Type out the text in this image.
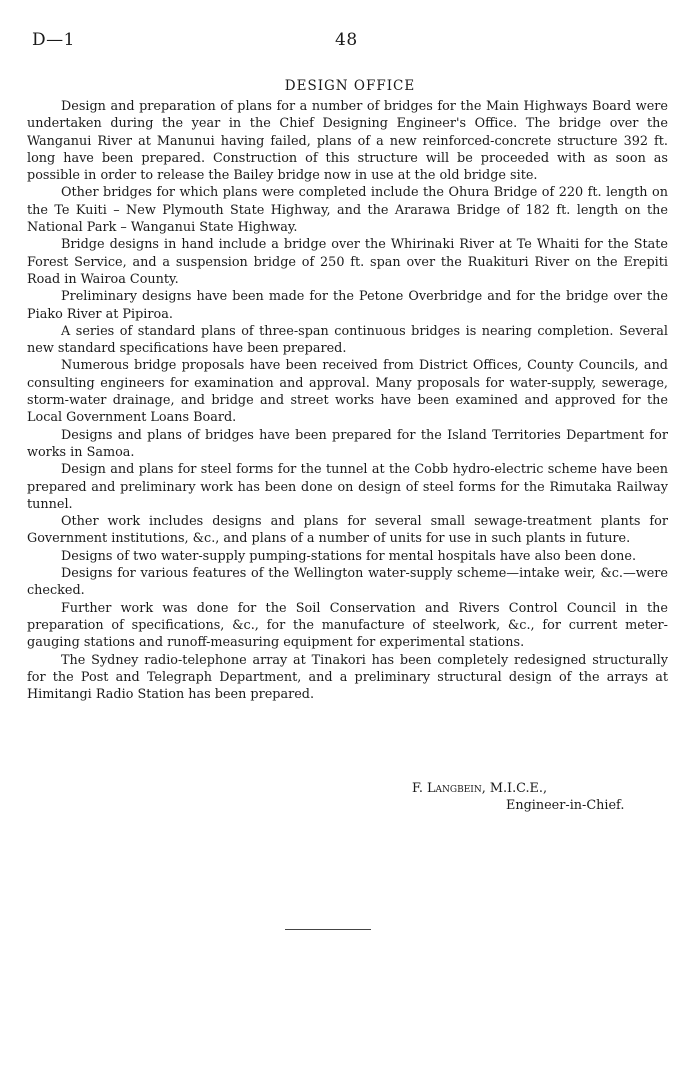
D—1	48
DESIGN OFFICE

Design and preparation of plans for a number of bridges for the Main Highways Board were undertaken during the year in the Chief Designing Engineer's Office. The bridge over the Wanganui River at Manunui having failed, plans of a new reinforced-concrete structure 392 ft. long have been prepared. Construction of this structure will be proceeded with as soon as possible in order to release the Bailey bridge now in use at the old bridge site.

Other bridges for which plans were completed include the Ohura Bridge of 220 ft. length on the Te Kuiti – New Plymouth State Highway, and the Ararawa Bridge of 182 ft. length on the National Park – Wanganui State Highway.

Bridge designs in hand include a bridge over the Whirinaki River at Te Whaiti for the State Forest Service, and a suspension bridge of 250 ft. span over the Ruakituri River on the Erepiti Road in Wairoa County.

Preliminary designs have been made for the Petone Overbridge and for the bridge over the Piako River at Pipiroa.

A series of standard plans of three-span continuous bridges is nearing completion. Several new standard specifications have been prepared.

Numerous bridge proposals have been received from District Offices, County Councils, and consulting engineers for examination and approval. Many proposals for water-supply, sewerage, storm-water drainage, and bridge and street works have been examined and approved for the Local Government Loans Board.

Designs and plans of bridges have been prepared for the Island Territories Department for works in Samoa.

Design and plans for steel forms for the tunnel at the Cobb hydro-electric scheme have been prepared and preliminary work has been done on design of steel forms for the Rimutaka Railway tunnel.

Other work includes designs and plans for several small sewage-treatment plants for Government institutions, &c., and plans of a number of units for use in such plants in future.

Designs of two water-supply pumping-stations for mental hospitals have also been done.

Designs for various features of the Wellington water-supply scheme—intake weir, &c.—were checked.

Further work was done for the Soil Conservation and Rivers Control Council in the preparation of specifications, &c., for the manufacture of steelwork, &c., for current meter-gauging stations and runoff-measuring equipment for experimental stations.

The Sydney radio-telephone array at Tinakori has been completely redesigned structurally for the Post and Telegraph Department, and a preliminary structural design of the arrays at Himitangi Radio Station has been prepared.

F. Langbein, M.I.C.E.,
Engineer-in-Chief.
